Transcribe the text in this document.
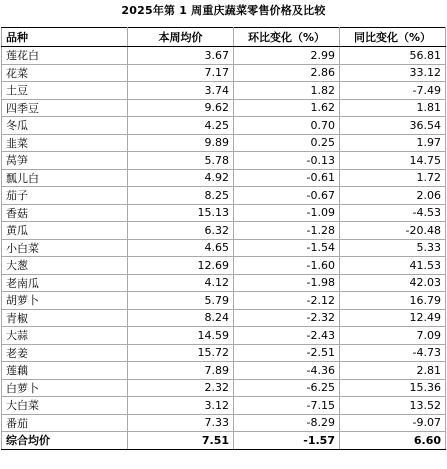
2025年第 1 周重庆蔬菜零售价格及比较
品种	本周均价	环比变化（%）	同比变化（%）
莲花白	3.67	2.99	56.81
花菜	7.17	2.86	33.12
土豆	3.74	1.82	-7.49
四季豆	9.62	1.62	1.81
冬瓜	4.25	0.70	36.54
韭菜	9.89	0.25	1.97
莴笋	5.78	-0.13	14.75
瓢儿白	4.92	-0.61	1.72
茄子	8.25	-0.67	2.06
香菇	15.13	-1.09	-4.53
黄瓜	6.32	-1.28	-20.48
小白菜	4.65	-1.54	5.33
大葱	12.69	-1.60	41.53
老南瓜	4.12	-1.98	42.03
胡萝卜	5.79	-2.12	16.79
青椒	8.24	-2.32	12.49
大蒜	14.59	-2.43	7.09
老姜	15.72	-2.51	-4.73
莲藕	7.89	-4.36	2.81
白萝卜	2.32	-6.25	15.36
大白菜	3.12	-7.15	13.52
番茄	7.33	-8.29	-9.07
综合均价	7.51	-1.57	6.60
